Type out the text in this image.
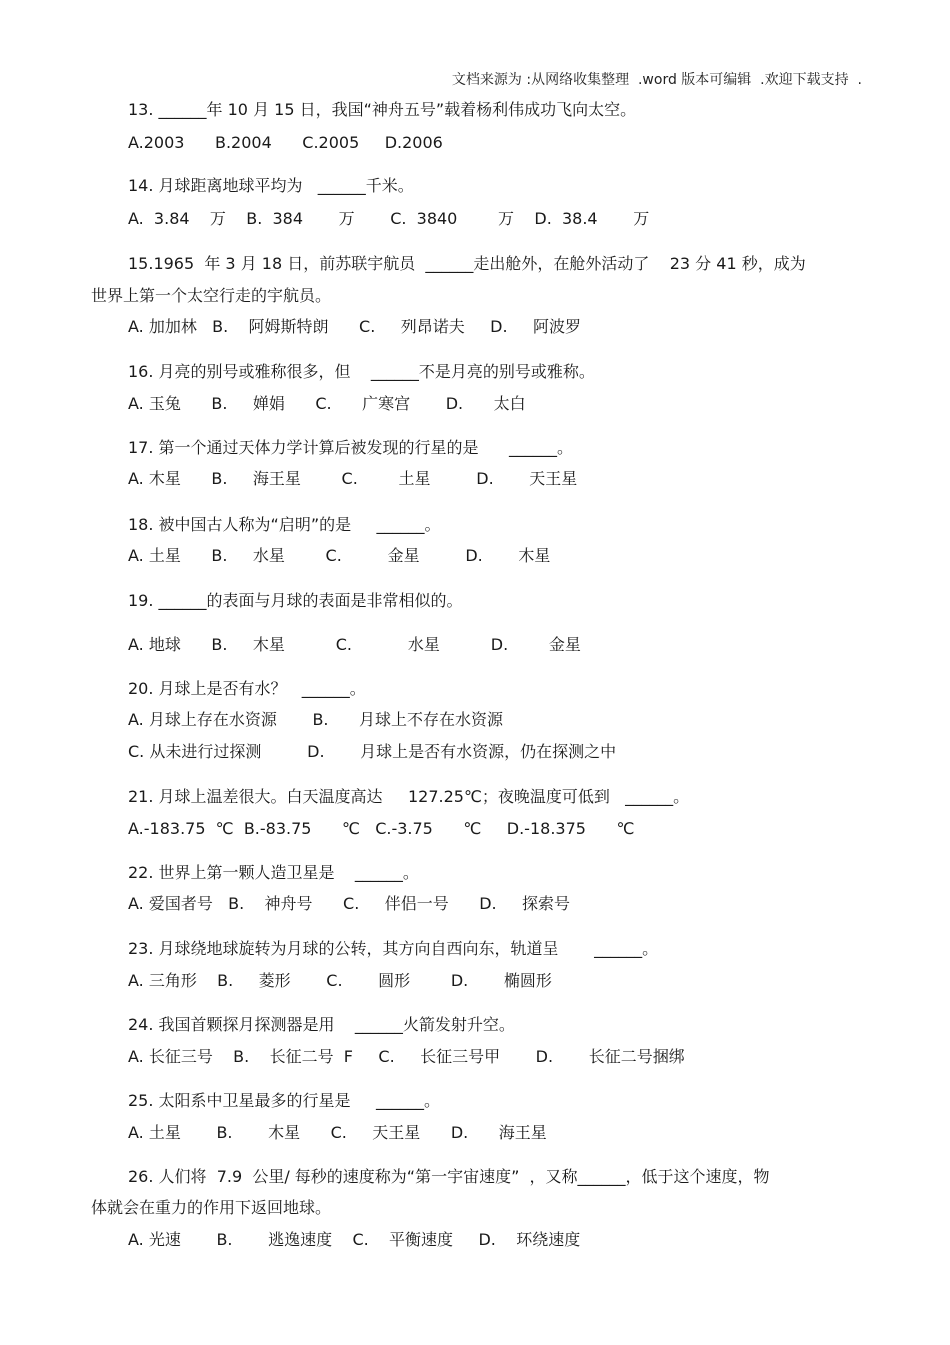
文档来源为 :从网络收集整理  .word 版本可编辑  .欢迎下载支持  .
13. ______年 10 月 15 日，我国“神舟五号”载着杨利伟成功飞向太空。
A.2003      B.2004      C.2005     D.2006
14. 月球距离地球平均为   ______千米。
A.  3.84    万    B.  384       万       C.  3840        万    D.  38.4       万
15.1965  年 3 月 18 日，前苏联宇航员  ______走出舱外，在舱外活动了    23 分 41 秒，成为
世界上第一个太空行走的宇航员。
A. 加加林   B.    阿姆斯特朗      C.     列昂诺夫     D.     阿波罗
16. 月亮的别号或雅称很多，但    ______不是月亮的别号或雅称。
A. 玉兔      B.     婵娟      C.      广寒宫       D.      太白
17. 第一个通过天体力学计算后被发现的行星的是      ______。
A. 木星      B.     海王星        C.        土星         D.       天王星
18. 被中国古人称为“启明”的是     ______。
A. 土星      B.     水星        C.         金星         D.       木星
19. ______的表面与月球的表面是非常相似的。
A. 地球      B.     木星          C.           水星          D.        金星
20. 月球上是否有水？   ______。
A. 月球上存在水资源       B.      月球上不存在水资源
C. 从未进行过探测         D.       月球上是否有水资源，仍在探测之中
21. 月球上温差很大。白天温度高达     127.25℃；夜晚温度可低到   ______。
A.-183.75  ℃  B.-83.75      ℃   C.-3.75      ℃     D.-18.375      ℃
22. 世界上第一颗人造卫星是    ______。
A. 爱国者号   B.    神舟号      C.     伴侣一号      D.     探索号
23. 月球绕地球旋转为月球的公转，其方向自西向东，轨道呈       ______。
A. 三角形    B.     菱形       C.       圆形        D.       椭圆形
24. 我国首颗探月探测器是用    ______火箭发射升空。
A. 长征三号    B.    长征二号  F     C.     长征三号甲       D.       长征二号捆绑
25. 太阳系中卫星最多的行星是     ______。
A. 土星       B.       木星      C.     天王星      D.      海王星
26. 人们将  7.9  公里/ 每秒的速度称为“第一宇宙速度”  ，又称______，低于这个速度，物
体就会在重力的作用下返回地球。
A. 光速       B.       逃逸速度    C.    平衡速度     D.    环绕速度
